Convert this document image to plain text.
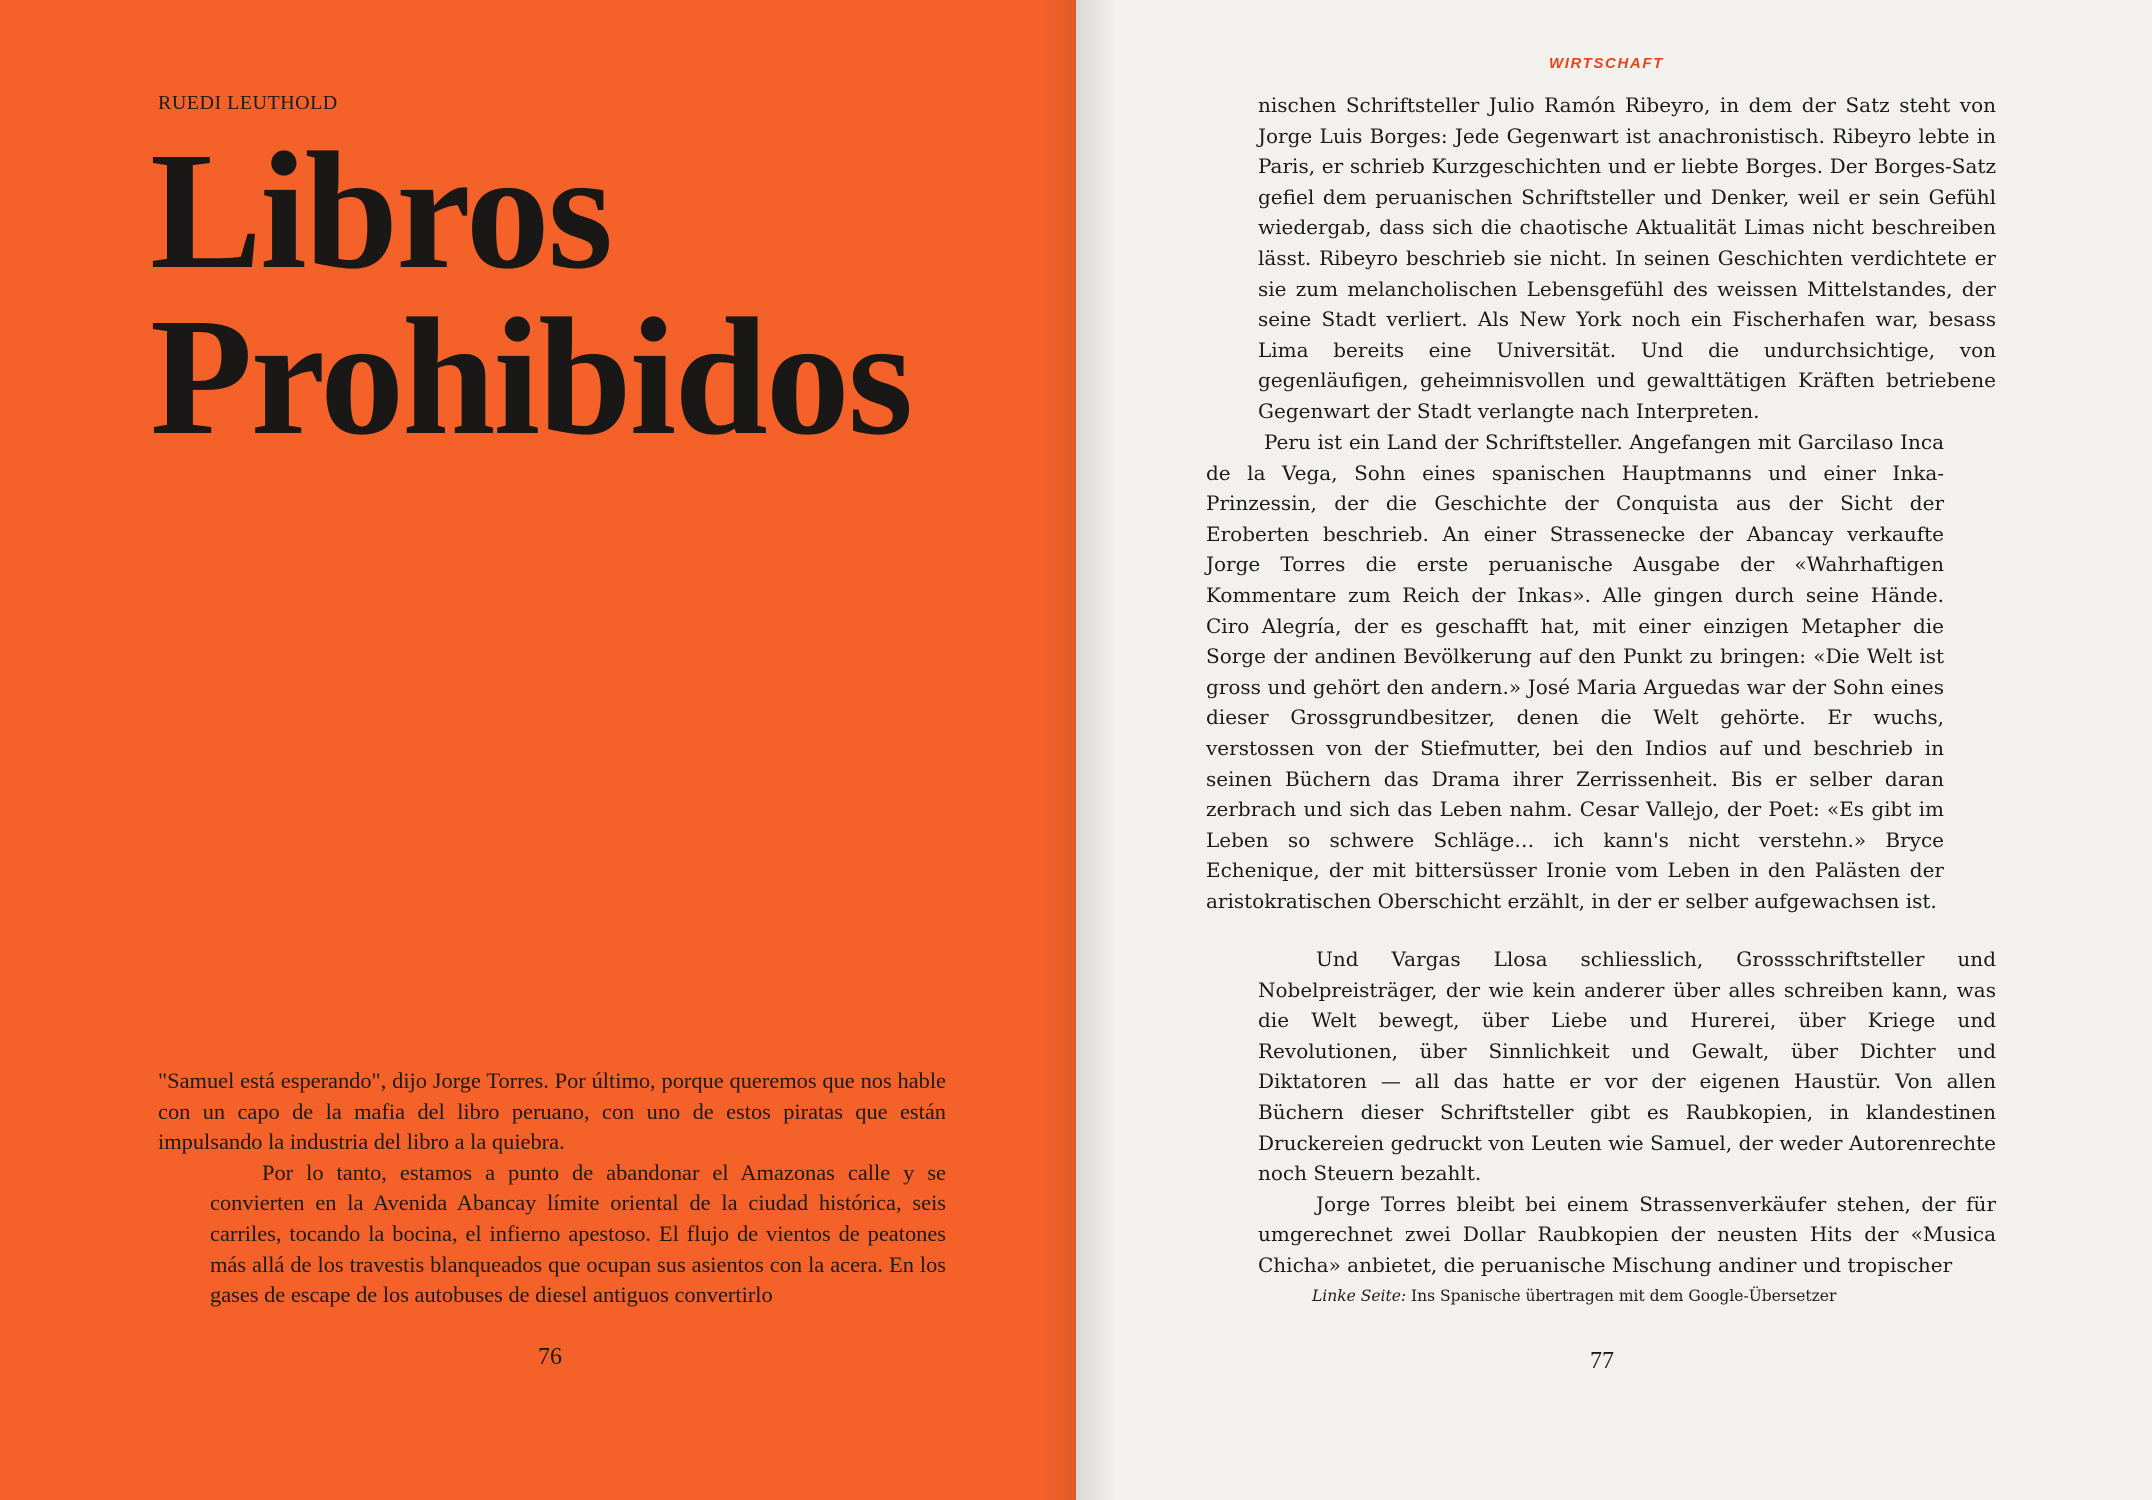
RUEDI LEUTHOLD
Libros
Prohibidos

"Samuel está esperando", dijo Jorge Torres. Por último, porque queremos que nos hable con un capo de la mafia del libro peruano, con uno de estos piratas que están impulsando la industria del libro a la quiebra.

Por lo tanto, estamos a punto de abandonar el Amazonas calle y se convierten en la Avenida Abancay límite oriental de la ciudad histórica, seis carriles, tocando la bocina, el infierno apestoso. El flujo de vientos de peatones más allá de los travestis blanqueados que ocupan sus asientos con la acera. En los gases de escape de los autobuses de diesel antiguos convertirlo

76
WIRTSCHAFT

nischen Schriftsteller Julio Ramón Ribeyro, in dem der Satz steht von Jorge Luis Borges: Jede Gegenwart ist anachronistisch. Ribeyro lebte in Paris, er schrieb Kurzgeschichten und er liebte Borges. Der Borges-Satz gefiel dem peruanischen Schriftsteller und Denker, weil er sein Gefühl wiedergab, dass sich die chaotische Aktualität Limas nicht beschreiben lässt. Ribeyro beschrieb sie nicht. In seinen Geschichten verdichtete er sie zum melancholischen Lebensgefühl des weissen Mittelstandes, der seine Stadt verliert. Als New York noch ein Fischerhafen war, besass Lima bereits eine Universität. Und die undurchsichtige, von gegenläufigen, geheimnisvollen und gewalttätigen Kräften betriebene Gegenwart der Stadt verlangte nach Interpreten.

Peru ist ein Land der Schriftsteller. Angefangen mit Garcilaso Inca de la Vega, Sohn eines spanischen Hauptmanns und einer Inka-Prinzessin, der die Geschichte der Conquista aus der Sicht der Eroberten beschrieb. An einer Strassenecke der Abancay verkaufte Jorge Torres die erste peruanische Ausgabe der «Wahrhaftigen Kommentare zum Reich der Inkas». Alle gingen durch seine Hände. Ciro Alegría, der es geschafft hat, mit einer einzigen Metapher die Sorge der andinen Bevölkerung auf den Punkt zu bringen: «Die Welt ist gross und gehört den andern.» José Maria Arguedas war der Sohn eines dieser Grossgrundbesitzer, denen die Welt gehörte. Er wuchs, verstossen von der Stiefmutter, bei den Indios auf und beschrieb in seinen Büchern das Drama ihrer Zerrissenheit. Bis er selber daran zerbrach und sich das Leben nahm. Cesar Vallejo, der Poet: «Es gibt im Leben so schwere Schläge… ich kann's nicht verstehn.» Bryce Echenique, der mit bittersüsser Ironie vom Leben in den Palästen der aristokratischen Oberschicht erzählt, in der er selber aufgewachsen ist.

Und Vargas Llosa schliesslich, Grossschriftsteller und Nobelpreisträger, der wie kein anderer über alles schreiben kann, was die Welt bewegt, über Liebe und Hurerei, über Kriege und Revolutionen, über Sinnlichkeit und Gewalt, über Dichter und Diktatoren — all das hatte er vor der eigenen Haustür. Von allen Büchern dieser Schriftsteller gibt es Raubkopien, in klandestinen Druckereien gedruckt von Leuten wie Samuel, der weder Autorenrechte noch Steuern bezahlt.

Jorge Torres bleibt bei einem Strassenverkäufer stehen, der für umgerechnet zwei Dollar Raubkopien der neusten Hits der «Musica Chicha» anbietet, die peruanische Mischung andiner und tropischer

Linke Seite: Ins Spanische übertragen mit dem Google-Übersetzer
77
